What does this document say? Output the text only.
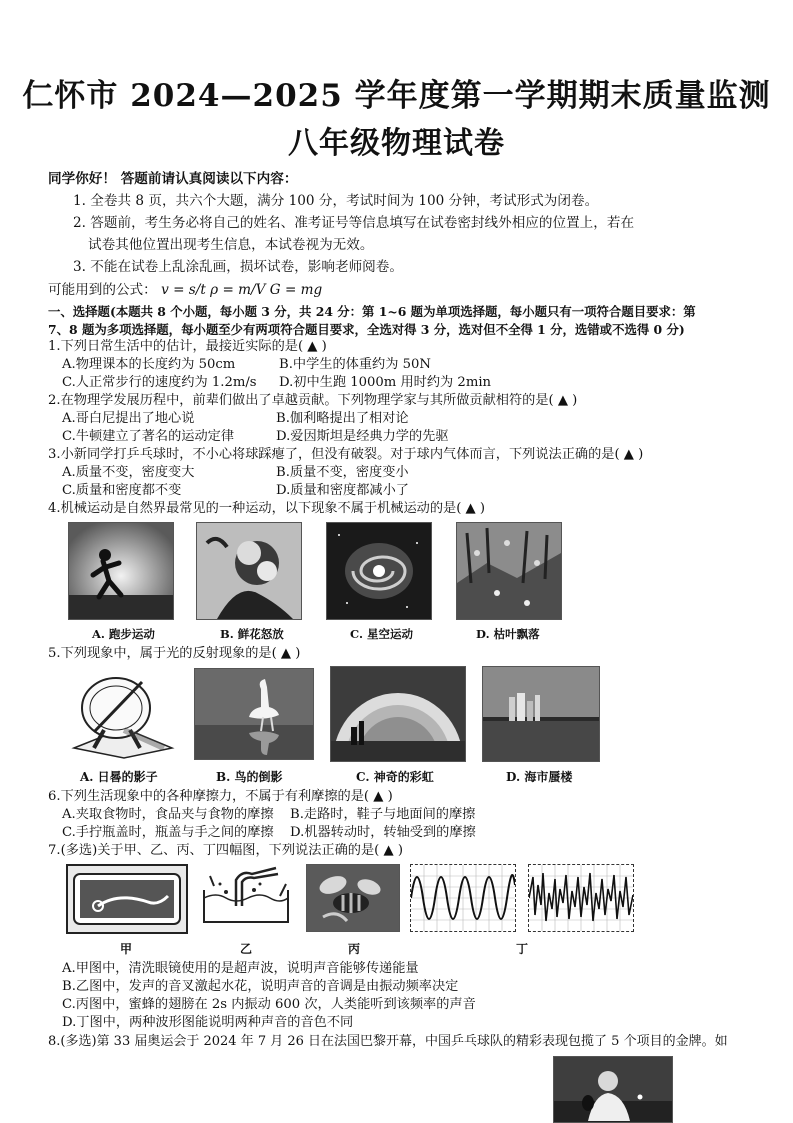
仁怀市 2024—2025 学年度第一学期期末质量监测
八年级物理试卷
同学你好！ 答题前请认真阅读以下内容：
1. 全卷共 8 页，共六个大题，满分 100 分，考试时间为 100 分钟，考试形式为闭卷。
2. 答题前，考生务必将自己的姓名、准考证号等信息填写在试卷密封线外相应的位置上，若在
试卷其他位置出现考生信息，本试卷视为无效。
3. 不能在试卷上乱涂乱画，损坏试卷，影响老师阅卷。
可能用到的公式： v = s/t ρ = m/V G = mg
一、选择题(本题共 8 个小题，每小题 3 分，共 24 分：第 1~6 题为单项选择题，每小题只有一项符合题目要求：第
7、8 题为多项选择题，每小题至少有两项符合题目要求，全选对得 3 分，选对但不全得 1 分，选错或不选得 0 分)
1.下列日常生活中的估计，最接近实际的是( ▲ )
A.物理课本的长度约为 50cm	B.中学生的体重约为 50N
C.人正常步行的速度约为 1.2m/s D.初中生跑 1000m 用时约为 2min
2.在物理学发展历程中，前辈们做出了卓越贡献。下列物理学家与其所做贡献相符的是( ▲ )
A.哥白尼提出了地心说	B.伽利略提出了相对论
C.牛顿建立了著名的运动定律	D.爱因斯坦是经典力学的先驱
3.小新同学打乒乓球时，不小心将球踩瘪了，但没有破裂。对于球内气体而言，下列说法正确的是( ▲ )
A.质量不变，密度变大	B.质量不变，密度变小
C.质量和密度都不变	D.质量和密度都减小了
4.机械运动是自然界最常见的一种运动，以下现象不属于机械运动的是( ▲ )
A. 跑步运动	B. 鲜花怒放	C. 星空运动	D. 枯叶飘落
5.下列现象中，属于光的反射现象的是( ▲ )
A. 日晷的影子	B. 鸟的倒影	C. 神奇的彩虹	D. 海市蜃楼
6.下列生活现象中的各种摩擦力，不属于有利摩擦的是( ▲ )
A.夹取食物时，食品夹与食物的摩擦 B.走路时，鞋子与地面间的摩擦
C.手拧瓶盖时，瓶盖与手之间的摩擦 D.机器转动时，转轴受到的摩擦
7.(多选)关于甲、乙、丙、丁四幅图，下列说法正确的是( ▲ )
甲	乙	丙	丁
A.甲图中，清洗眼镜使用的是超声波，说明声音能够传递能量
B.乙图中，发声的音叉激起水花，说明声音的音调是由振动频率决定
C.丙图中，蜜蜂的翅膀在 2s 内振动 600 次，人类能听到该频率的声音
D.丁图中，两种波形图能说明两种声音的音色不同
8.(多选)第 33 届奥运会于 2024 年 7 月 26 日在法国巴黎开幕，中国乒乓球队的精彩表现包揽了 5 个项目的金牌。如
